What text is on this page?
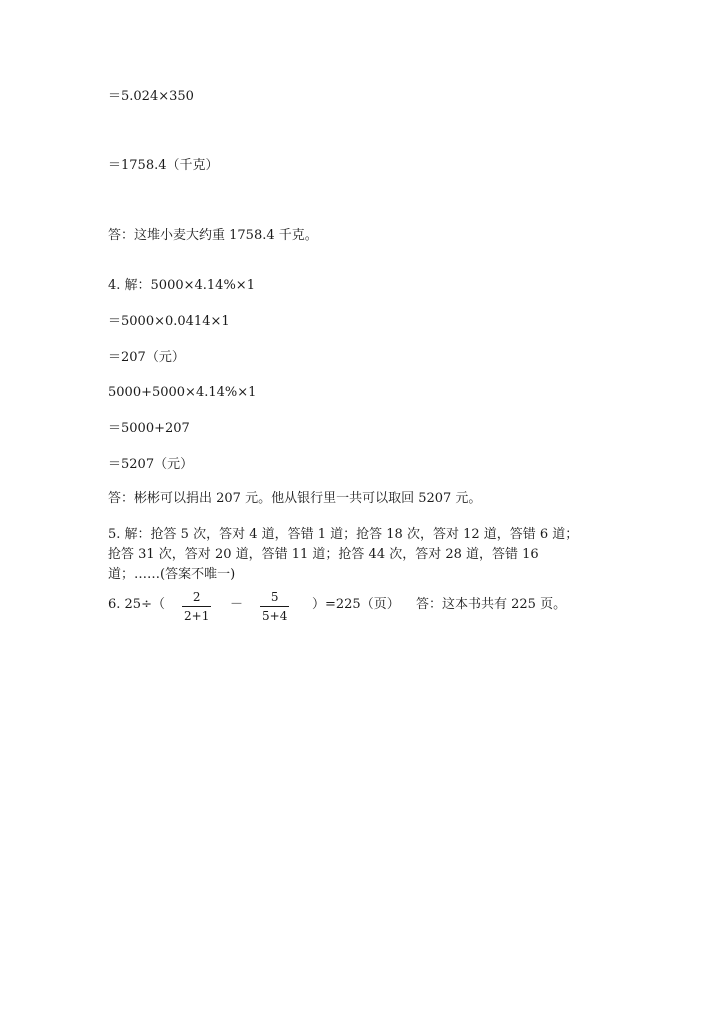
＝5.024×350
＝1758.4（千克）
答：这堆小麦大约重 1758.4 千克。
4. 解：5000×4.14%×1
＝5000×0.0414×1
＝207（元）
5000+5000×4.14%×1
＝5000+207
＝5207（元）
答：彬彬可以捐出 207 元。他从银行里一共可以取回 5207 元。
5. 解：抢答 5 次，答对 4 道，答错 1 道；抢答 18 次，答对 12 道，答错 6 道；
抢答 31 次，答对 20 道，答错 11 道；抢答 44 次，答对 28 道，答错 16
道；……(答案不唯一)
6. 25÷（ 2
2+1
－ 5
5+4
）=225（页） 答：这本书共有 225 页。
